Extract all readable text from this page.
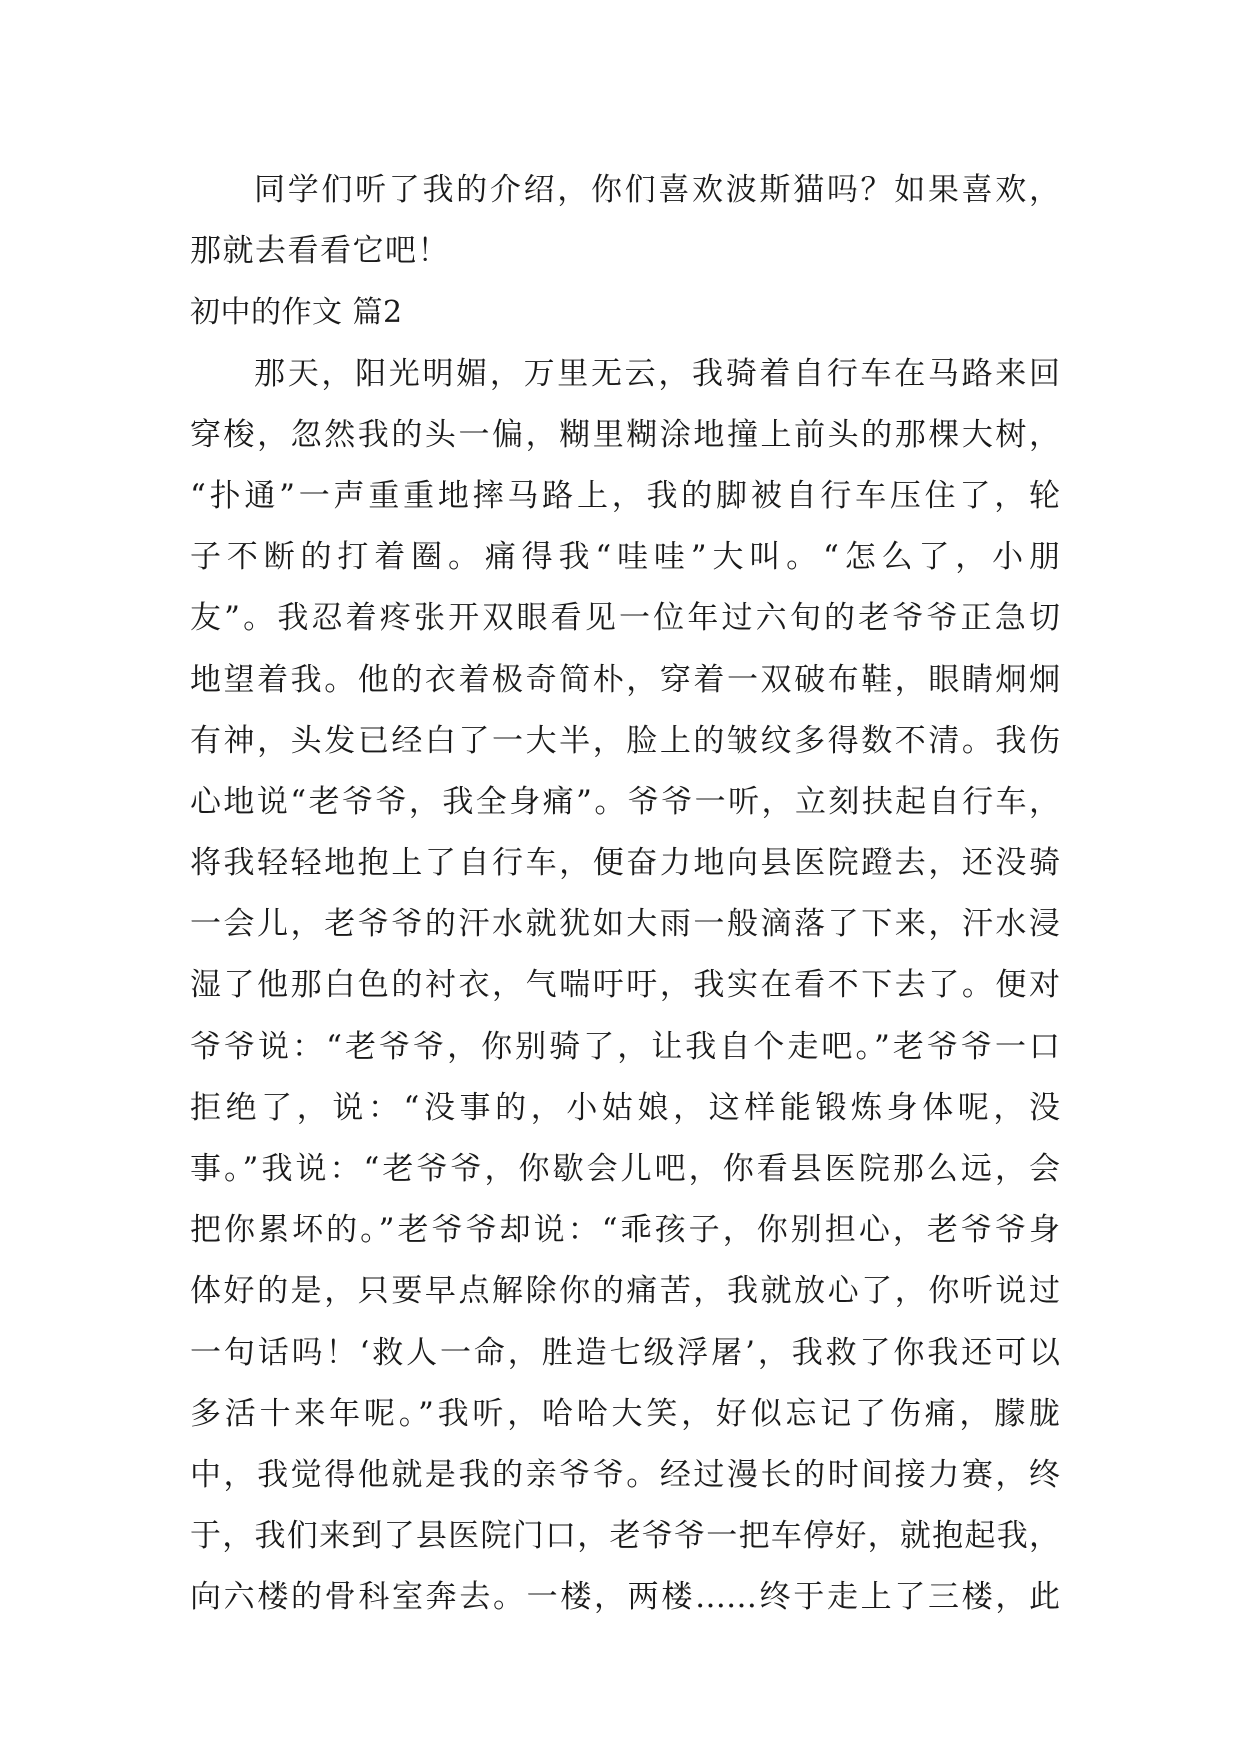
同学们听了我的介绍，你们喜欢波斯猫吗？如果喜欢，
那就去看看它吧！
初中的作文 篇2
那天，阳光明媚，万里无云，我骑着自行车在马路来回
穿梭，忽然我的头一偏，糊里糊涂地撞上前头的那棵大树，
“扑通”一声重重地摔马路上，我的脚被自行车压住了，轮
子不断的打着圈。痛得我“哇哇”大叫。“怎么了，小朋
友”。我忍着疼张开双眼看见一位年过六旬的老爷爷正急切
地望着我。他的衣着极奇简朴，穿着一双破布鞋，眼睛炯炯
有神，头发已经白了一大半，脸上的皱纹多得数不清。我伤
心地说“老爷爷，我全身痛”。爷爷一听，立刻扶起自行车，
将我轻轻地抱上了自行车，便奋力地向县医院蹬去，还没骑
一会儿，老爷爷的汗水就犹如大雨一般滴落了下来，汗水浸
湿了他那白色的衬衣，气喘吁吁，我实在看不下去了。便对
爷爷说：“老爷爷，你别骑了，让我自个走吧。”老爷爷一口
拒绝了，说：“没事的，小姑娘，这样能锻炼身体呢，没
事。”我说：“老爷爷，你歇会儿吧，你看县医院那么远，会
把你累坏的。”老爷爷却说：“乖孩子，你别担心，老爷爷身
体好的是，只要早点解除你的痛苦，我就放心了，你听说过
一句话吗！‘救人一命，胜造七级浮屠’，我救了你我还可以
多活十来年呢。”我听，哈哈大笑，好似忘记了伤痛，朦胧
中，我觉得他就是我的亲爷爷。经过漫长的时间接力赛，终
于，我们来到了县医院门口，老爷爷一把车停好，就抱起我，
向六楼的骨科室奔去。一楼，两楼……终于走上了三楼，此
